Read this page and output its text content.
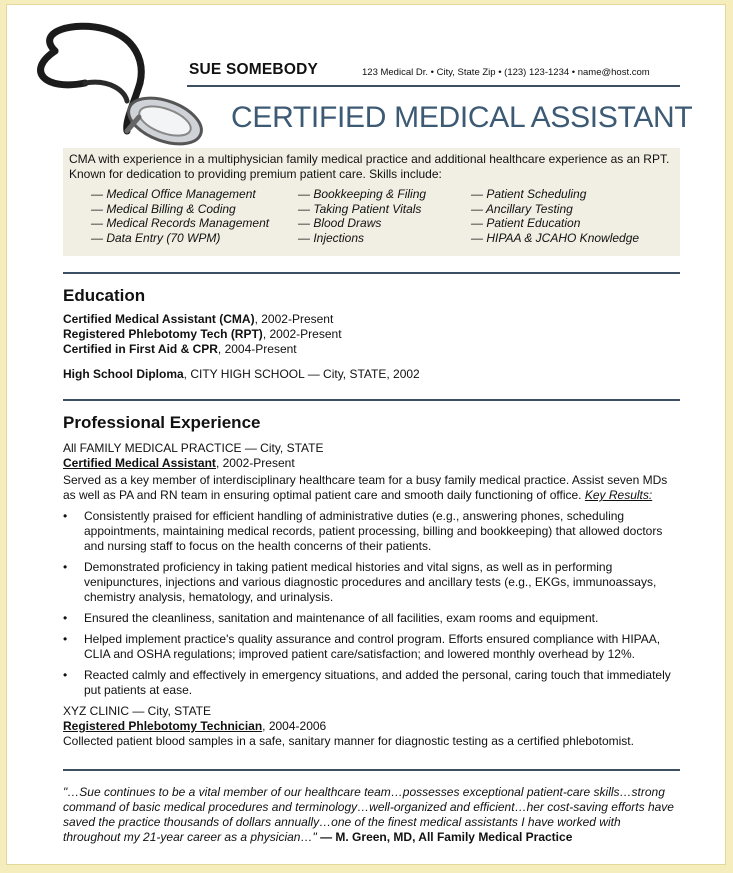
SUE SOMEBODY	123 Medical Dr. • City, State Zip • (123) 123-1234 • name@host.com
CERTIFIED MEDICAL ASSISTANT
CMA with experience in a multiphysician family medical practice and additional healthcare experience as an RPT.
Known for dedication to providing premium patient care. Skills include:
— Medical Office Management	— Bookkeeping & Filing	— Patient Scheduling
— Medical Billing & Coding	— Taking Patient Vitals	— Ancillary Testing
— Medical Records Management	— Blood Draws	— Patient Education
— Data Entry (70 WPM)	— Injections	— HIPAA & JCAHO Knowledge
Education
Certified Medical Assistant (CMA), 2002-Present
Registered Phlebotomy Tech (RPT), 2002-Present
Certified in First Aid & CPR, 2004-Present
High School Diploma, CITY HIGH SCHOOL — City, STATE, 2002
Professional Experience
All FAMILY MEDICAL PRACTICE — City, STATE
Certified Medical Assistant, 2002-Present
Served as a key member of interdisciplinary healthcare team for a busy family medical practice. Assist seven MDs as well as PA and RN team in ensuring optimal patient care and smooth daily functioning of office. Key Results:
• Consistently praised for efficient handling of administrative duties (e.g., answering phones, scheduling appointments, maintaining medical records, patient processing, billing and bookkeeping) that allowed doctors and nursing staff to focus on the health concerns of their patients.
• Demonstrated proficiency in taking patient medical histories and vital signs, as well as in performing venipunctures, injections and various diagnostic procedures and ancillary tests (e.g., EKGs, immunoassays, chemistry analysis, hematology, and urinalysis.
• Ensured the cleanliness, sanitation and maintenance of all facilities, exam rooms and equipment.
• Helped implement practice's quality assurance and control program. Efforts ensured compliance with HIPAA, CLIA and OSHA regulations; improved patient care/satisfaction; and lowered monthly overhead by 12%.
• Reacted calmly and effectively in emergency situations, and added the personal, caring touch that immediately put patients at ease.
XYZ CLINIC — City, STATE
Registered Phlebotomy Technician, 2004-2006
Collected patient blood samples in a safe, sanitary manner for diagnostic testing as a certified phlebotomist.
"…Sue continues to be a vital member of our healthcare team…possesses exceptional patient-care skills…strong command of basic medical procedures and terminology…well-organized and efficient…her cost-saving efforts have saved the practice thousands of dollars annually…one of the finest medical assistants I have worked with throughout my 21-year career as a physician…" — M. Green, MD, All Family Medical Practice
